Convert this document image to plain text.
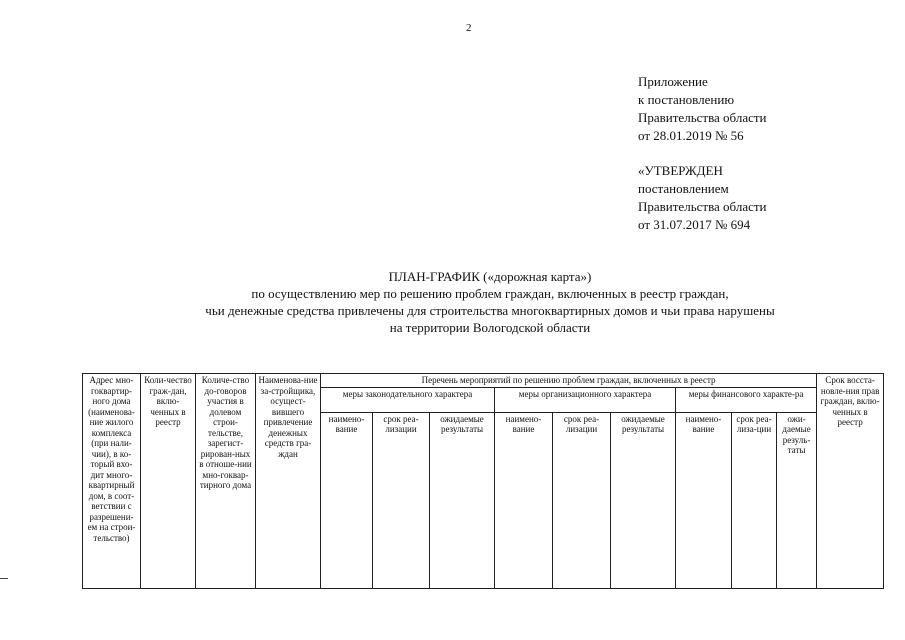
2
Приложение
к постановлению
Правительства области
от 28.01.2019 № 56
«УТВЕРЖДЕН
постановлением
Правительства области
от 31.07.2017 № 694
ПЛАН-ГРАФИК («дорожная карта»)
по осуществлению мер по решению проблем граждан, включенных в реестр граждан,
чьи денежные средства привлечены для строительства многоквартирных домов и чьи права нарушены
на территории Вологодской области
Адрес мно-гоквартир-ного дома (наименова-ние жилого комплекса (при нали-чии), в ко-торый вхо-дит много-квартирный дом, в соот-ветствии с разрешени-ем на строи-тельство)	Коли-чество граж-дан, вклю-ченных в реестр	Количе-ство до-говоров участия в долевом строи-тельстве, зарегист-рирован-ных в отноше-нии мно-гоквар-тирного дома	Наименова-ние за-стройщика, осущест-вившего привлечение денежных средств гра-ждан	Перечень мероприятий по решению проблем граждан, включенных в реестр									Срок восста-новле-ния прав граждан, вклю-ченных в реестр
				меры законодательного характера			меры организационного характера			меры финансового характе-ра			
				наимено-вание	срок реа-лизации	ожидаемые результаты	наимено-вание	срок реа-лизации	ожидаемые результаты	наимено-вание	срок реа-лиза-ции	ожи-даемые резуль-таты	
